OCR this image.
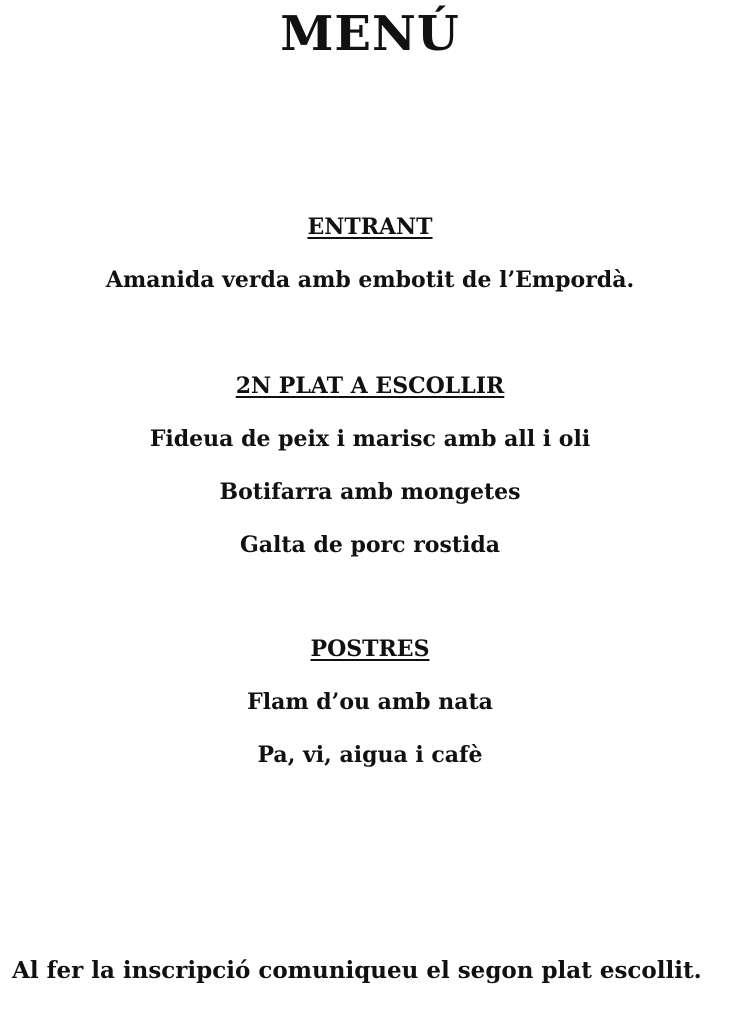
MENÚ
ENTRANT

Amanida verda amb embotit de l’Empordà.

2N PLAT A ESCOLLIR

Fideua de peix i marisc amb all i oli

Botifarra amb mongetes

Galta de porc rostida

POSTRES

Flam d’ou amb nata

Pa, vi, aigua i cafè

Al fer la inscripció comuniqueu el segon plat escollit.
